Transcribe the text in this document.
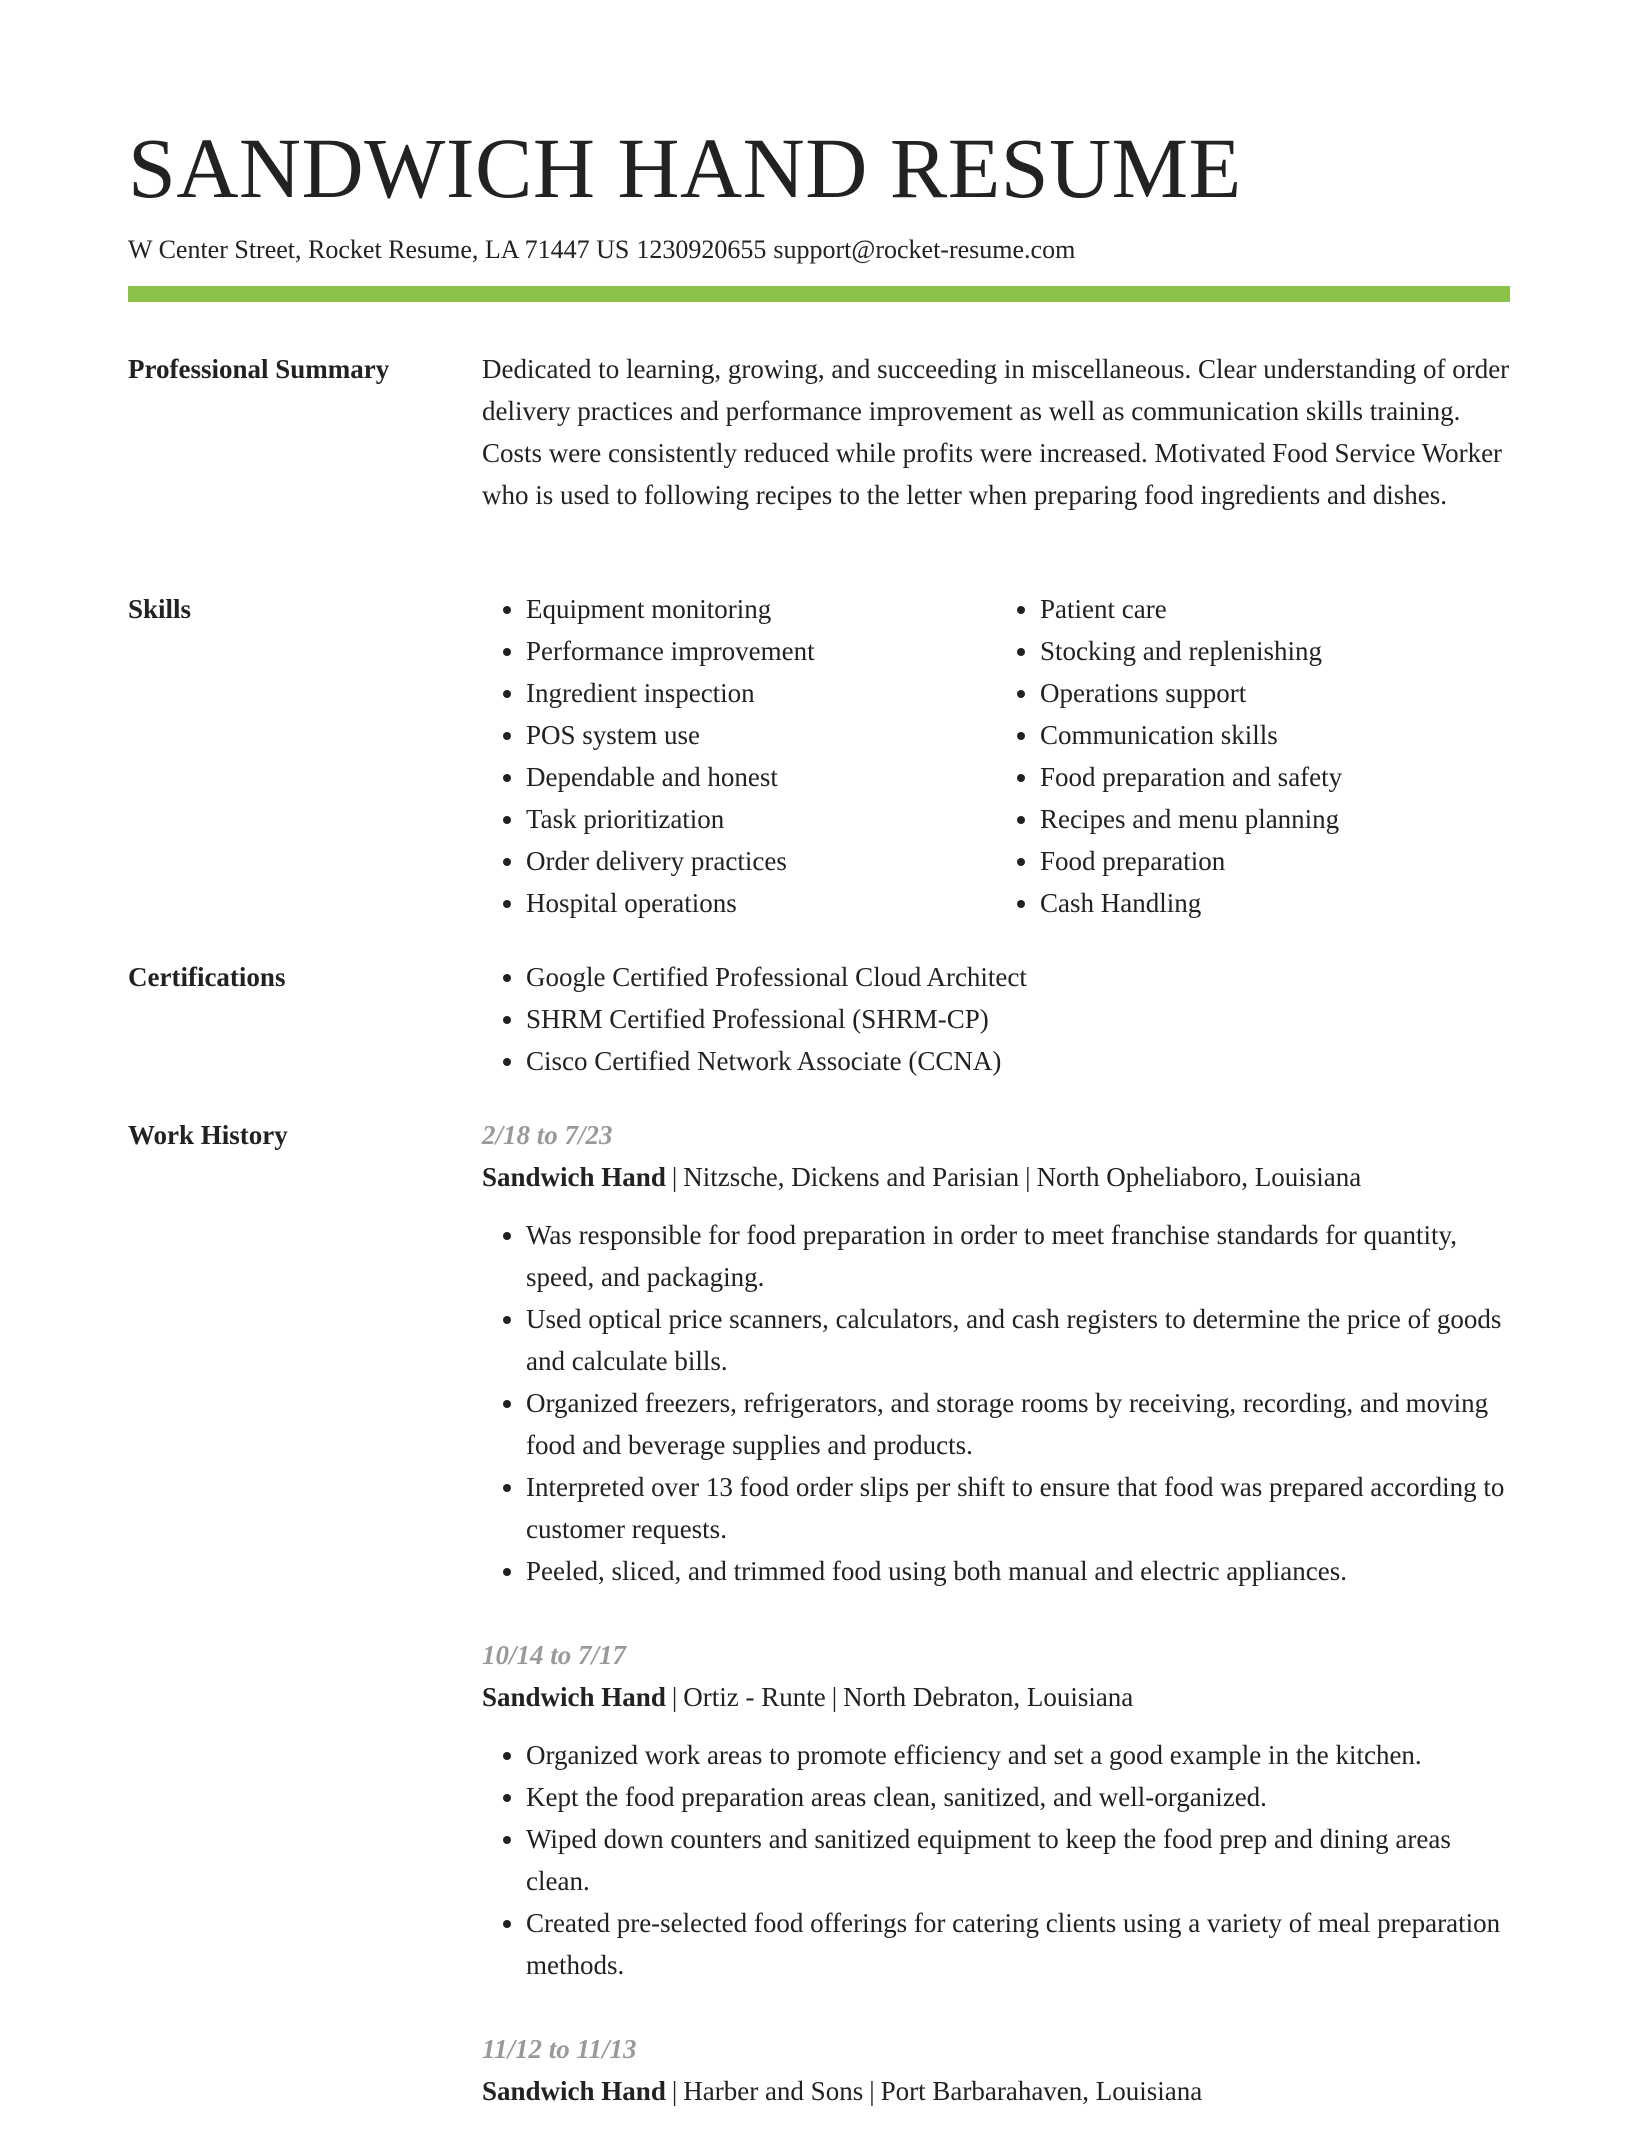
SANDWICH HAND RESUME
W Center Street, Rocket Resume, LA 71447 US 1230920655 support@rocket-resume.com
Professional Summary	Dedicated to learning, growing, and succeeding in miscellaneous. Clear understanding of order delivery practices and performance improvement as well as communication skills training. Costs were consistently reduced while profits were increased. Motivated Food Service Worker who is used to following recipes to the letter when preparing food ingredients and dishes.

Skills	• Equipment monitoring
• Performance improvement
• Ingredient inspection
• POS system use
• Dependable and honest
• Task prioritization
• Order delivery practices
• Hospital operations
• Patient care
• Stocking and replenishing
• Operations support
• Communication skills
• Food preparation and safety
• Recipes and menu planning
• Food preparation
• Cash Handling
Certifications	• Google Certified Professional Cloud Architect
• SHRM Certified Professional (SHRM-CP)
• Cisco Certified Network Associate (CCNA)
Work History	2/18 to 7/23
Sandwich Hand | Nitzsche, Dickens and Parisian | North Opheliaboro, Louisiana
• Was responsible for food preparation in order to meet franchise standards for quantity, speed, and packaging.
• Used optical price scanners, calculators, and cash registers to determine the price of goods and calculate bills.
• Organized freezers, refrigerators, and storage rooms by receiving, recording, and moving food and beverage supplies and products.
• Interpreted over 13 food order slips per shift to ensure that food was prepared according to customer requests.
• Peeled, sliced, and trimmed food using both manual and electric appliances.
10/14 to 7/17
Sandwich Hand | Ortiz - Runte | North Debraton, Louisiana
• Organized work areas to promote efficiency and set a good example in the kitchen.
• Kept the food preparation areas clean, sanitized, and well-organized.
• Wiped down counters and sanitized equipment to keep the food prep and dining areas clean.
• Created pre-selected food offerings for catering clients using a variety of meal preparation methods.
11/12 to 11/13
Sandwich Hand | Harber and Sons | Port Barbarahaven, Louisiana
